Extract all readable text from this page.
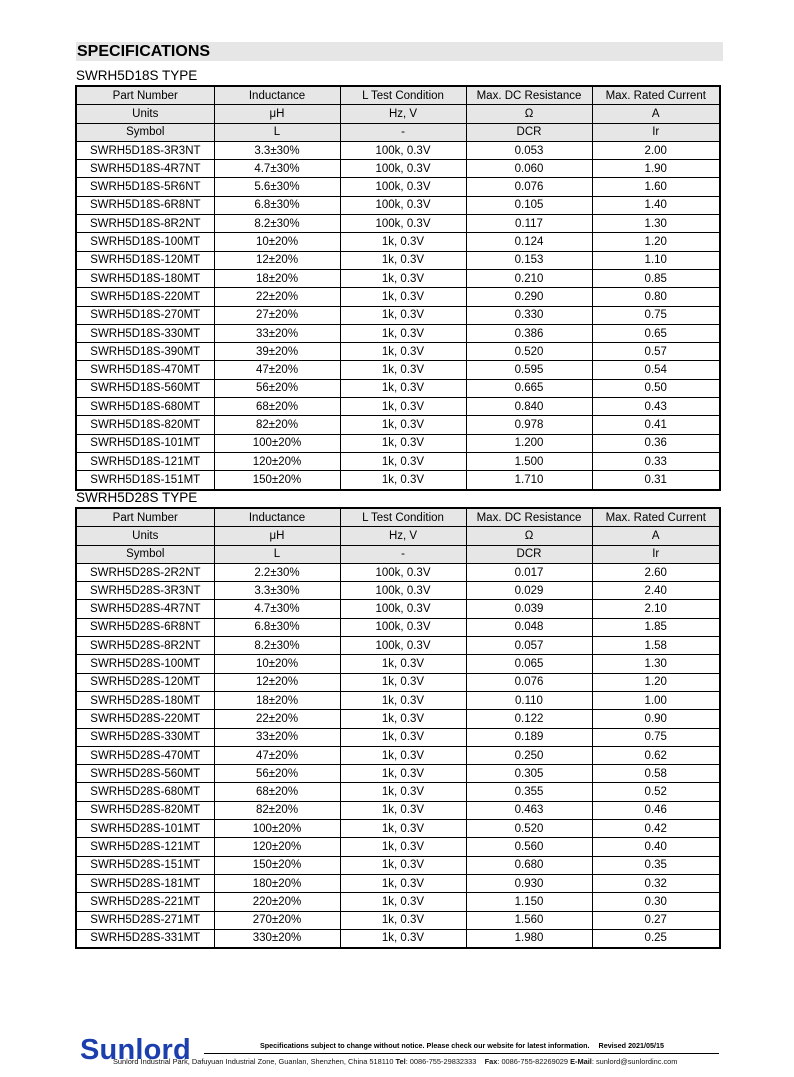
SPECIFICATIONS
SWRH5D18S TYPE
Part Number	Inductance	L Test Condition	Max. DC Resistance	Max. Rated Current
Units	μH	Hz, V	Ω	A
Symbol	L	-	DCR	Ir
SWRH5D18S-3R3NT	3.3±30%	100k, 0.3V	0.053	2.00
SWRH5D18S-4R7NT	4.7±30%	100k, 0.3V	0.060	1.90
SWRH5D18S-5R6NT	5.6±30%	100k, 0.3V	0.076	1.60
SWRH5D18S-6R8NT	6.8±30%	100k, 0.3V	0.105	1.40
SWRH5D18S-8R2NT	8.2±30%	100k, 0.3V	0.117	1.30
SWRH5D18S-100MT	10±20%	1k, 0.3V	0.124	1.20
SWRH5D18S-120MT	12±20%	1k, 0.3V	0.153	1.10
SWRH5D18S-180MT	18±20%	1k, 0.3V	0.210	0.85
SWRH5D18S-220MT	22±20%	1k, 0.3V	0.290	0.80
SWRH5D18S-270MT	27±20%	1k, 0.3V	0.330	0.75
SWRH5D18S-330MT	33±20%	1k, 0.3V	0.386	0.65
SWRH5D18S-390MT	39±20%	1k, 0.3V	0.520	0.57
SWRH5D18S-470MT	47±20%	1k, 0.3V	0.595	0.54
SWRH5D18S-560MT	56±20%	1k, 0.3V	0.665	0.50
SWRH5D18S-680MT	68±20%	1k, 0.3V	0.840	0.43
SWRH5D18S-820MT	82±20%	1k, 0.3V	0.978	0.41
SWRH5D18S-101MT	100±20%	1k, 0.3V	1.200	0.36
SWRH5D18S-121MT	120±20%	1k, 0.3V	1.500	0.33
SWRH5D18S-151MT	150±20%	1k, 0.3V	1.710	0.31
SWRH5D28S TYPE
Part Number	Inductance	L Test Condition	Max. DC Resistance	Max. Rated Current
Units	μH	Hz, V	Ω	A
Symbol	L	-	DCR	Ir
SWRH5D28S-2R2NT	2.2±30%	100k, 0.3V	0.017	2.60
SWRH5D28S-3R3NT	3.3±30%	100k, 0.3V	0.029	2.40
SWRH5D28S-4R7NT	4.7±30%	100k, 0.3V	0.039	2.10
SWRH5D28S-6R8NT	6.8±30%	100k, 0.3V	0.048	1.85
SWRH5D28S-8R2NT	8.2±30%	100k, 0.3V	0.057	1.58
SWRH5D28S-100MT	10±20%	1k, 0.3V	0.065	1.30
SWRH5D28S-120MT	12±20%	1k, 0.3V	0.076	1.20
SWRH5D28S-180MT	18±20%	1k, 0.3V	0.110	1.00
SWRH5D28S-220MT	22±20%	1k, 0.3V	0.122	0.90
SWRH5D28S-330MT	33±20%	1k, 0.3V	0.189	0.75
SWRH5D28S-470MT	47±20%	1k, 0.3V	0.250	0.62
SWRH5D28S-560MT	56±20%	1k, 0.3V	0.305	0.58
SWRH5D28S-680MT	68±20%	1k, 0.3V	0.355	0.52
SWRH5D28S-820MT	82±20%	1k, 0.3V	0.463	0.46
SWRH5D28S-101MT	100±20%	1k, 0.3V	0.520	0.42
SWRH5D28S-121MT	120±20%	1k, 0.3V	0.560	0.40
SWRH5D28S-151MT	150±20%	1k, 0.3V	0.680	0.35
SWRH5D28S-181MT	180±20%	1k, 0.3V	0.930	0.32
SWRH5D28S-221MT	220±20%	1k, 0.3V	1.150	0.30
SWRH5D28S-271MT	270±20%	1k, 0.3V	1.560	0.27
SWRH5D28S-331MT	330±20%	1k, 0.3V	1.980	0.25
Sunlord	Specifications subject to change without notice. Please check our website for latest information. Revised 2021/05/15
Sunlord Industrial Park, Dafuyuan Industrial Zone, Guanlan, Shenzhen, China 518110 Tel: 0086-755-29832333 Fax: 0086-755-82269029 E-Mail: sunlord@sunlordinc.com
